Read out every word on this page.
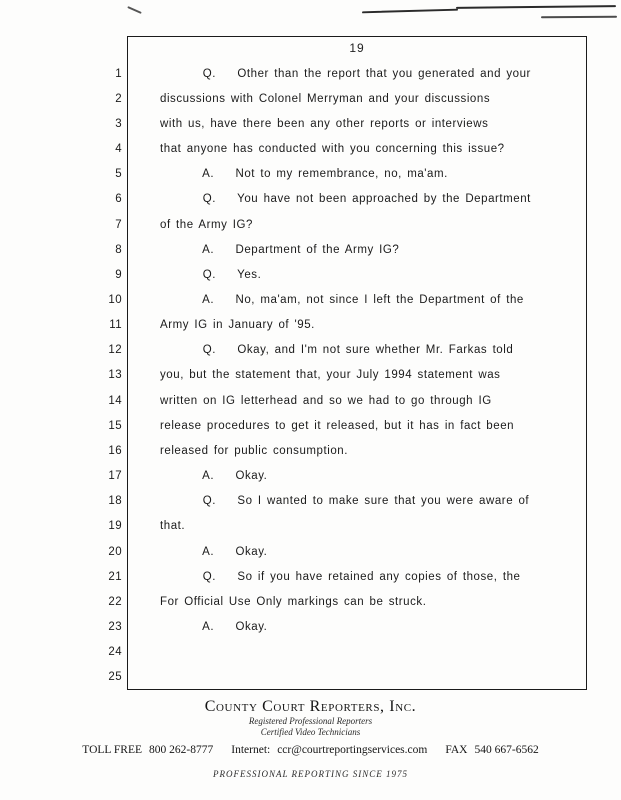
19
1	Q.    Other than the report that you generated and your
2	discussions with Colonel Merryman and your discussions
3	with us, have there been any other reports or interviews
4	that anyone has conducted with you concerning this issue?
5	A.    Not to my remembrance, no, ma'am.
6	Q.    You have not been approached by the Department
7	of the Army IG?
8	A.    Department of the Army IG?
9	Q.    Yes.
10	A.    No, ma'am, not since I left the Department of the
11	Army IG in January of '95.
12	Q.    Okay, and I'm not sure whether Mr. Farkas told
13	you, but the statement that, your July 1994 statement was
14	written on IG letterhead and so we had to go through IG
15	release procedures to get it released, but it has in fact been
16	released for public consumption.
17	A.    Okay.
18	Q.    So I wanted to make sure that you were aware of
19	that.
20	A.    Okay.
21	Q.    So if you have retained any copies of those, the
22	For Official Use Only markings can be struck.
23	A.    Okay.
24
25
County Court Reporters, Inc.
Registered Professional Reporters
Certified Video Technicians
TOLL FREE 800 262-8777 Internet: ccr@courtreportingservices.com FAX 540 667-6562
PROFESSIONAL REPORTING SINCE 1975
